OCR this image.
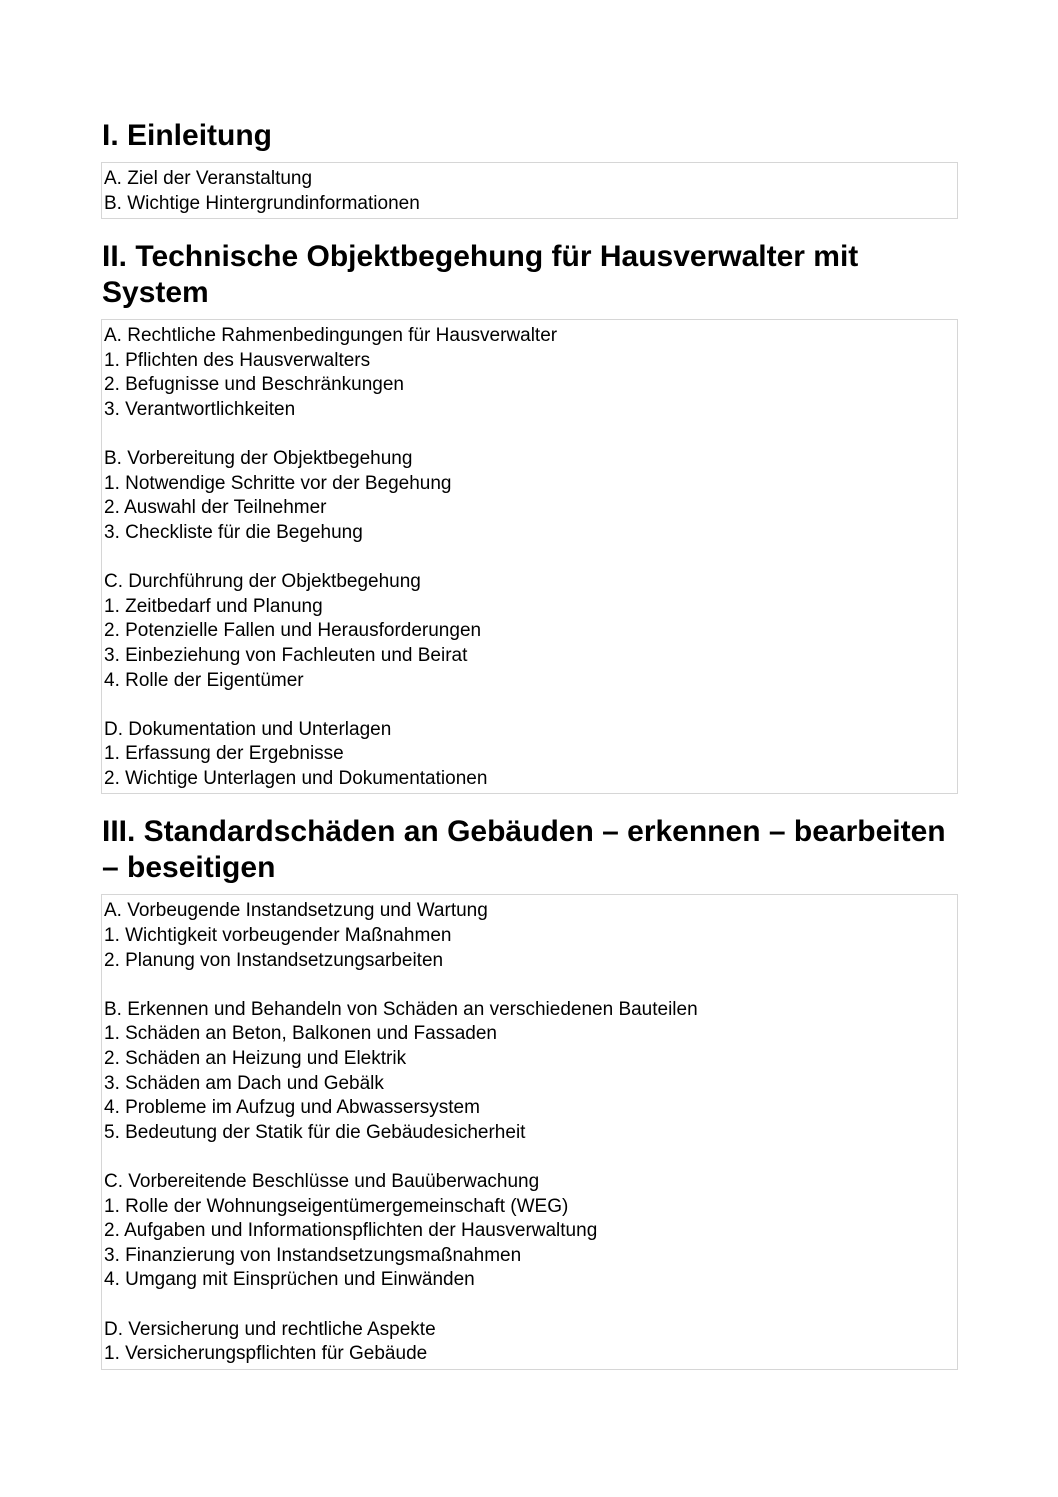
I. Einleitung
A. Ziel der Veranstaltung
B. Wichtige Hintergrundinformationen
II. Technische Objektbegehung für Hausverwalter mit System
A. Rechtliche Rahmenbedingungen für Hausverwalter
1. Pflichten des Hausverwalters
2. Befugnisse und Beschränkungen
3. Verantwortlichkeiten
B. Vorbereitung der Objektbegehung
1. Notwendige Schritte vor der Begehung
2. Auswahl der Teilnehmer
3. Checkliste für die Begehung
C. Durchführung der Objektbegehung
1. Zeitbedarf und Planung
2. Potenzielle Fallen und Herausforderungen
3. Einbeziehung von Fachleuten und Beirat
4. Rolle der Eigentümer
D. Dokumentation und Unterlagen
1. Erfassung der Ergebnisse
2. Wichtige Unterlagen und Dokumentationen
III. Standardschäden an Gebäuden – erkennen – bearbeiten – beseitigen
A. Vorbeugende Instandsetzung und Wartung
1. Wichtigkeit vorbeugender Maßnahmen
2. Planung von Instandsetzungsarbeiten
B. Erkennen und Behandeln von Schäden an verschiedenen Bauteilen
1. Schäden an Beton, Balkonen und Fassaden
2. Schäden an Heizung und Elektrik
3. Schäden am Dach und Gebälk
4. Probleme im Aufzug und Abwassersystem
5. Bedeutung der Statik für die Gebäudesicherheit
C. Vorbereitende Beschlüsse und Bauüberwachung
1. Rolle der Wohnungseigentümergemeinschaft (WEG)
2. Aufgaben und Informationspflichten der Hausverwaltung
3. Finanzierung von Instandsetzungsmaßnahmen
4. Umgang mit Einsprüchen und Einwänden
D. Versicherung und rechtliche Aspekte
1. Versicherungspflichten für Gebäude
